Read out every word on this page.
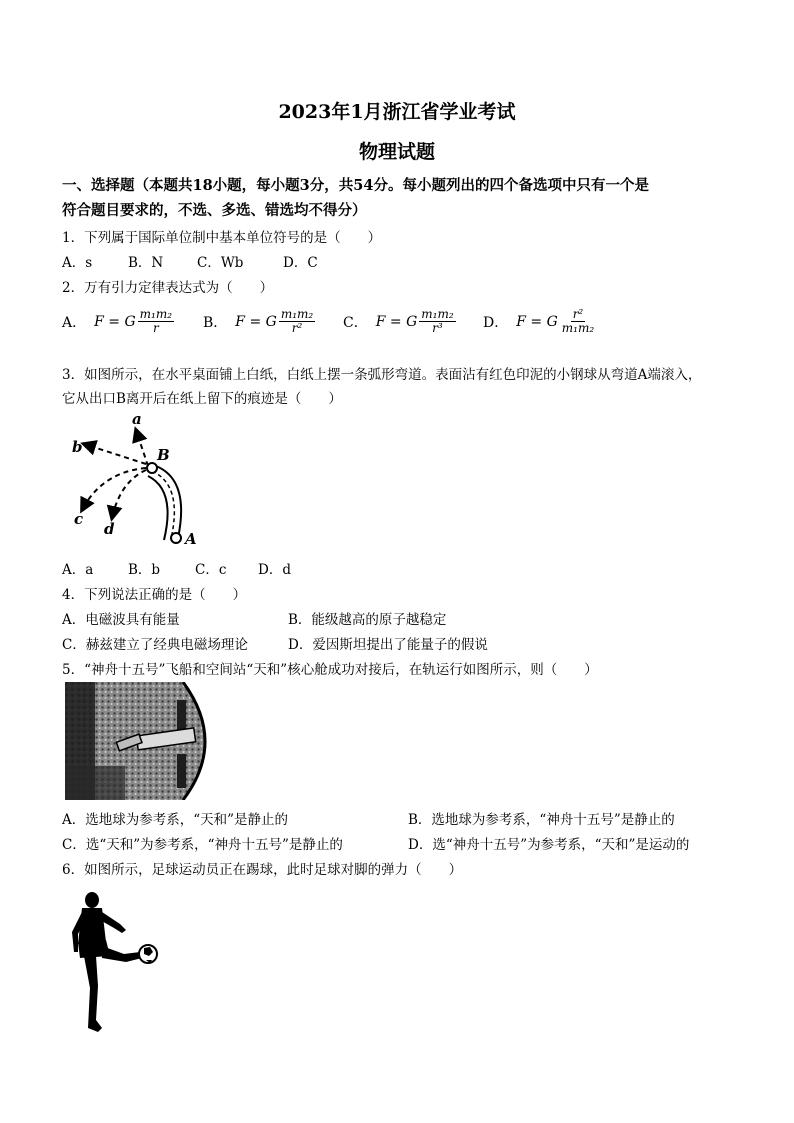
2023年1月浙江省学业考试
物理试题
一、选择题（本题共18小题，每小题3分，共54分。每小题列出的四个备选项中只有一个是
符合题目要求的，不选、多选、错选均不得分）
1．下列属于国际单位制中基本单位符号的是（　　）
A．s	B．N	C．Wb	D．C
2．万有引力定律表达式为（　　）
A． F = G $\frac{\text{m₁m₂}}{r}$ B． F = G $\frac{\text{m₁m₂}}{\text{r²}}$ C． F = G $\frac{\text{m₁m₂}}{\text{r³}}$ D． F = G $\frac{\text{r²}}{\text{m₁m₂}}$
3．如图所示，在水平桌面铺上白纸，白纸上摆一条弧形弯道。表面沾有红色印泥的小钢球从弯道A端滚入，
它从出口B离开后在纸上留下的痕迹是（　　）
a
b
c
d
B
A
A．a	B．b	C．c D．d
4．下列说法正确的是（　　）
A．电磁波具有能量	B．能级越高的原子越稳定
C．赫兹建立了经典电磁场理论	D．爱因斯坦提出了能量子的假说
5．“神舟十五号”飞船和空间站“天和”核心舱成功对接后，在轨运行如图所示，则（　　）
A．选地球为参考系，“天和”是静止的	B．选地球为参考系，“神舟十五号”是静止的
C．选“天和”为参考系，“神舟十五号”是静止的	D．选“神舟十五号”为参考系，“天和”是运动的
6．如图所示，足球运动员正在踢球，此时足球对脚的弹力（　　）
